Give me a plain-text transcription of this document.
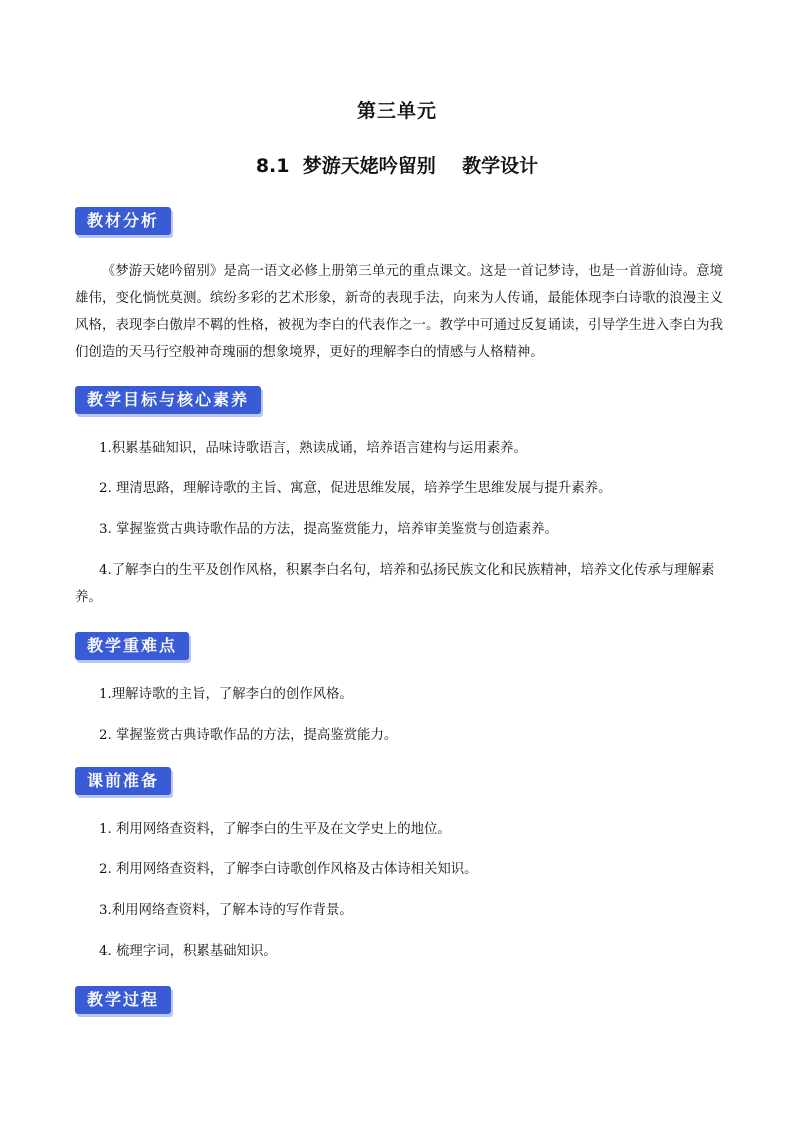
第三单元
8.1  梦游天姥吟留别    教学设计
教材分析
《梦游天姥吟留别》是高一语文必修上册第三单元的重点课文。这是一首记梦诗，也是一首游仙诗。意境雄伟，变化惝恍莫测。缤纷多彩的艺术形象，新奇的表现手法，向来为人传诵，最能体现李白诗歌的浪漫主义风格，表现李白傲岸不羁的性格，被视为李白的代表作之一。教学中可通过反复诵读，引导学生进入李白为我们创造的天马行空般神奇瑰丽的想象境界，更好的理解李白的情感与人格精神。
教学目标与核心素养
1.积累基础知识，品味诗歌语言，熟读成诵，培养语言建构与运用素养。
2. 理清思路，理解诗歌的主旨、寓意，促进思维发展，培养学生思维发展与提升素养。
3. 掌握鉴赏古典诗歌作品的方法，提高鉴赏能力，培养审美鉴赏与创造素养。
4.了解李白的生平及创作风格，积累李白名句，培养和弘扬民族文化和民族精神，培养文化传承与理解素养。
教学重难点
1.理解诗歌的主旨，了解李白的创作风格。
2. 掌握鉴赏古典诗歌作品的方法，提高鉴赏能力。
课前准备
1. 利用网络查资料，了解李白的生平及在文学史上的地位。
2. 利用网络查资料，了解李白诗歌创作风格及古体诗相关知识。
3.利用网络查资料，了解本诗的写作背景。
4. 梳理字词，积累基础知识。
教学过程
